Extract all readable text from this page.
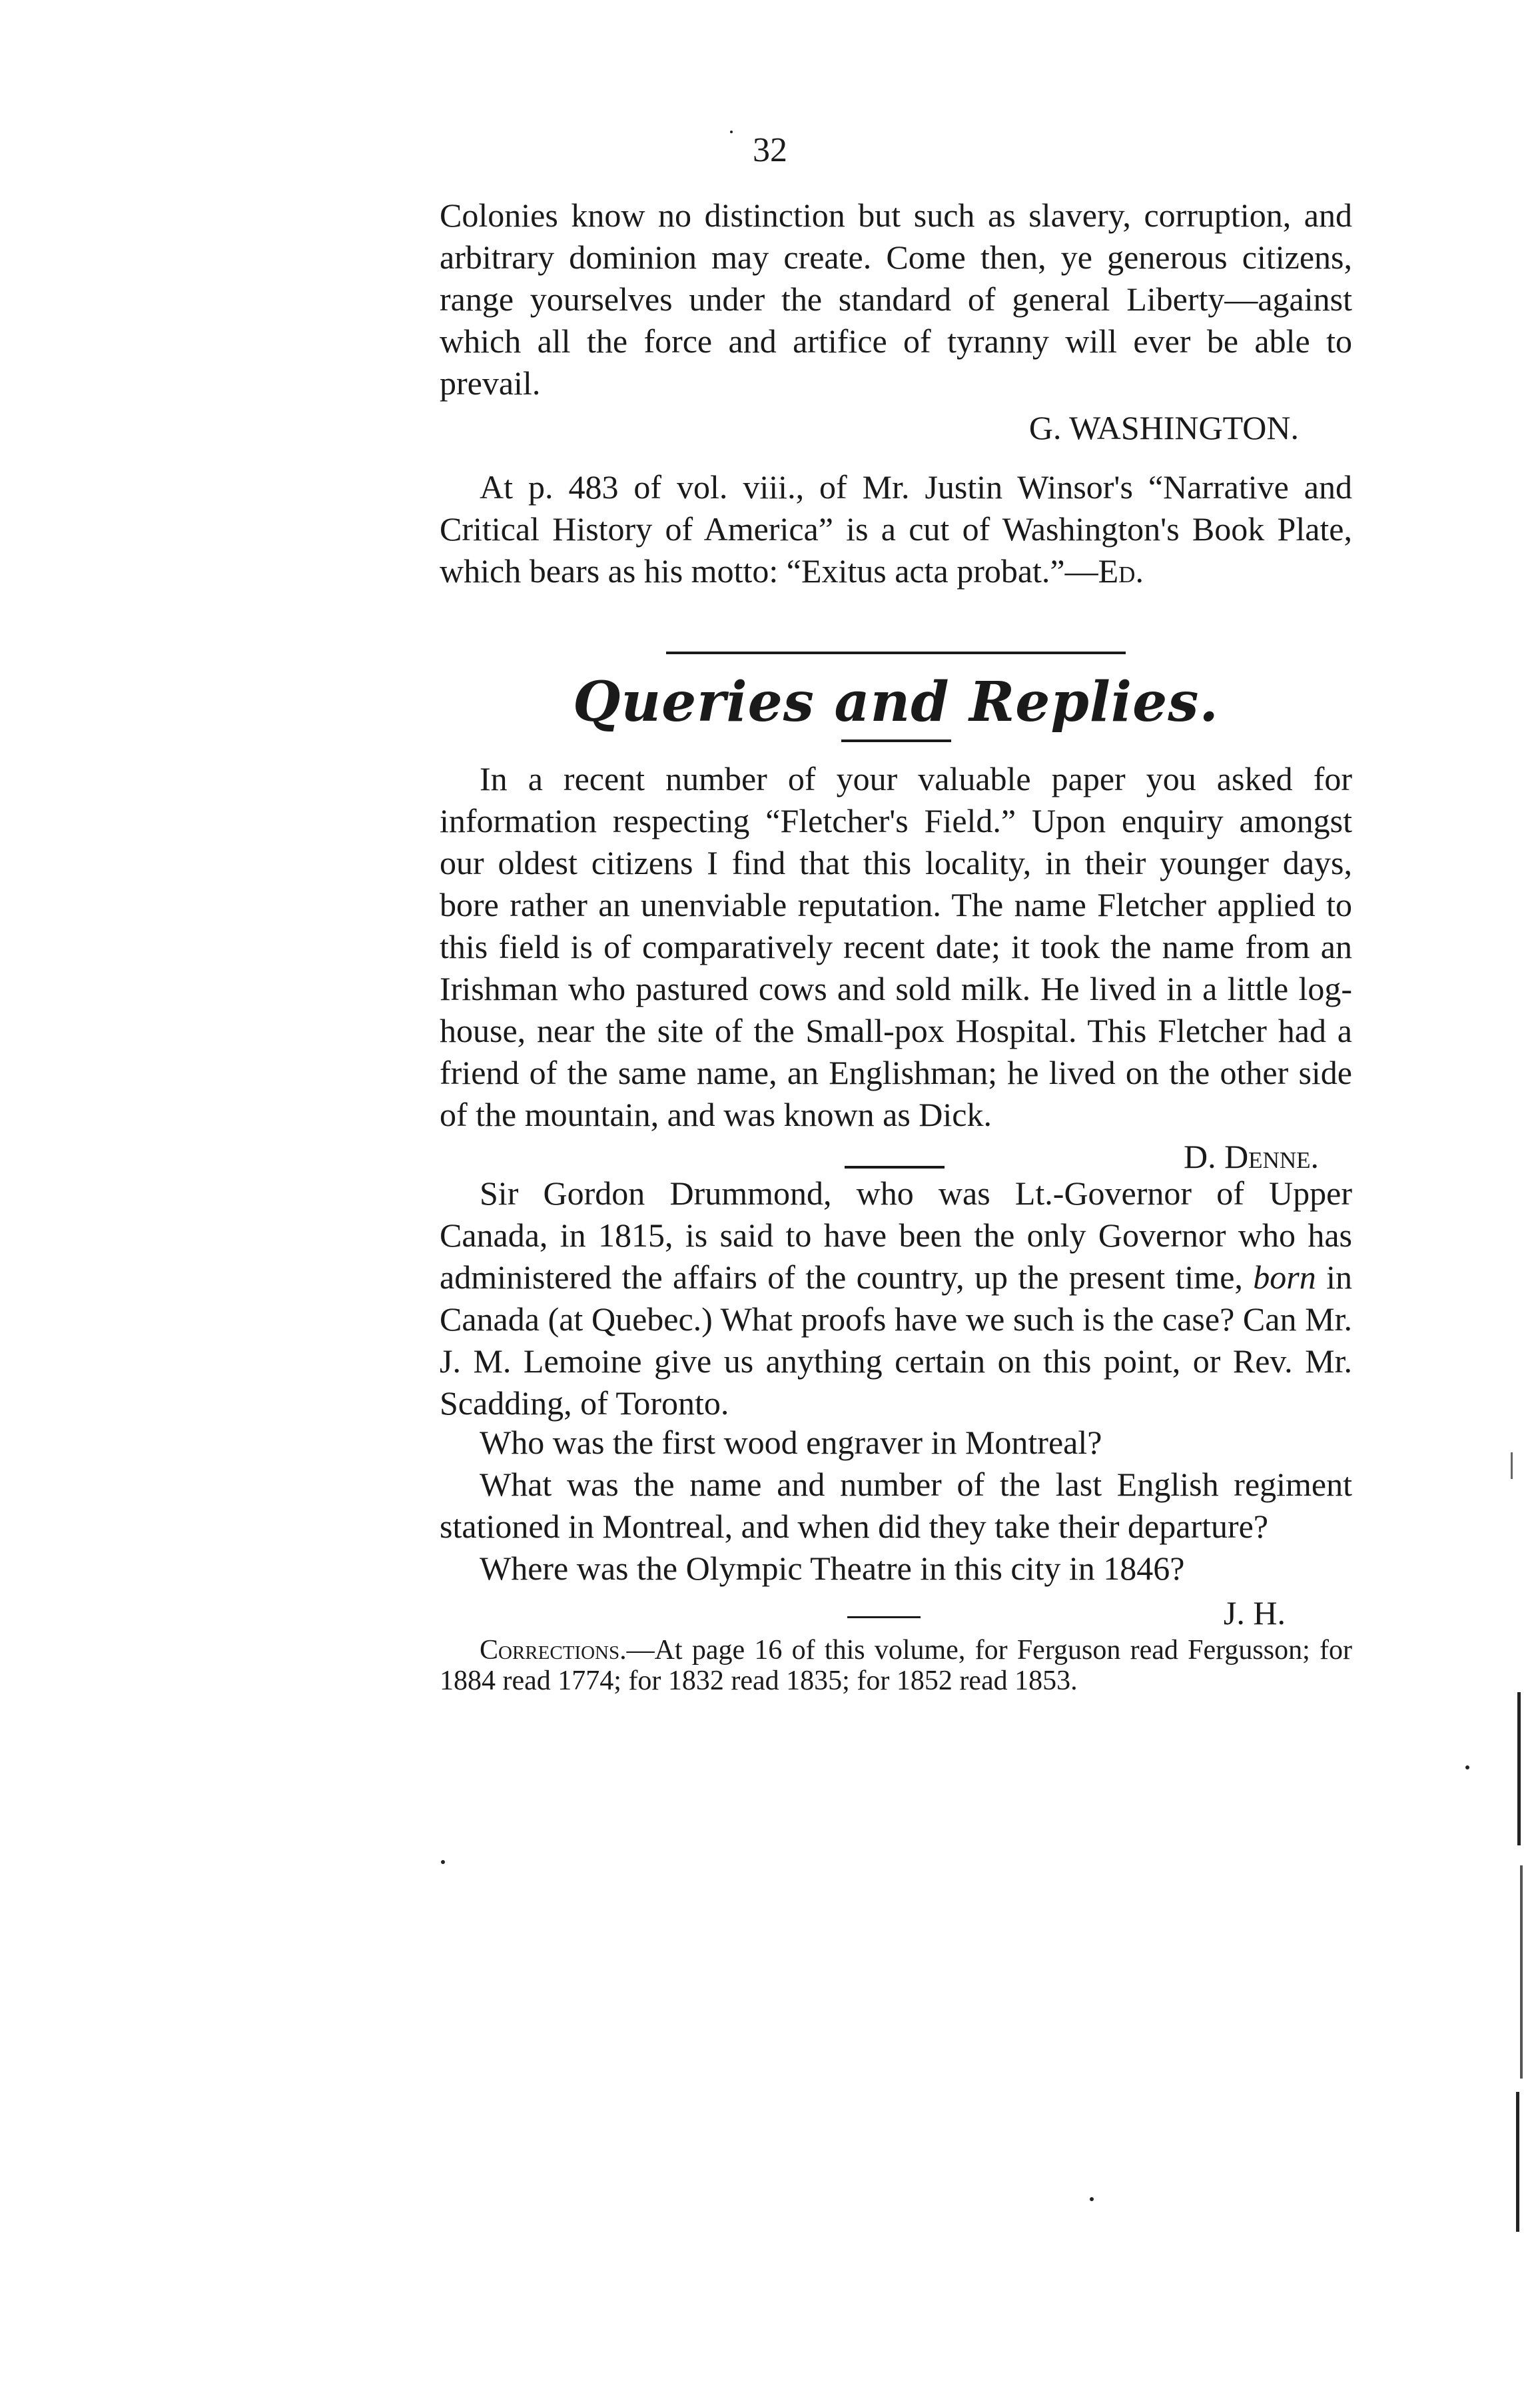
32

Colonies know no distinction but such as slavery, corruption, and arbitrary dominion may create. Come then, ye generous citizens, range yourselves under the standard of general Liberty—against which all the force and artifice of tyranny will ever be able to prevail.

G. WASHINGTON.

At p. 483 of vol. viii., of Mr. Justin Winsor's “Narrative and Critical History of America” is a cut of Washington's Book Plate, which bears as his motto: “Exitus acta probat.”—Ed.

Queries and Replies.

In a recent number of your valuable paper you asked for information respecting “Fletcher's Field.” Upon enquiry amongst our oldest citizens I find that this locality, in their younger days, bore rather an unenviable reputation. The name Fletcher applied to this field is of comparatively recent date; it took the name from an Irishman who pastured cows and sold milk. He lived in a little log-house, near the site of the Small-pox Hospital. This Fletcher had a friend of the same name, an Englishman; he lived on the other side of the mountain, and was known as Dick.

D. Denne.

Sir Gordon Drummond, who was Lt.-Governor of Upper Canada, in 1815, is said to have been the only Governor who has administered the affairs of the country, up the present time, born in Canada (at Quebec.) What proofs have we such is the case? Can Mr. J. M. Lemoine give us anything certain on this point, or Rev. Mr. Scadding, of Toronto.

Who was the first wood engraver in Montreal?

What was the name and number of the last English regiment stationed in Montreal, and when did they take their departure?

Where was the Olympic Theatre in this city in 1846?

J. H.

Corrections.—At page 16 of this volume, for Ferguson read Fergusson; for 1884 read 1774; for 1832 read 1835; for 1852 read 1853.
